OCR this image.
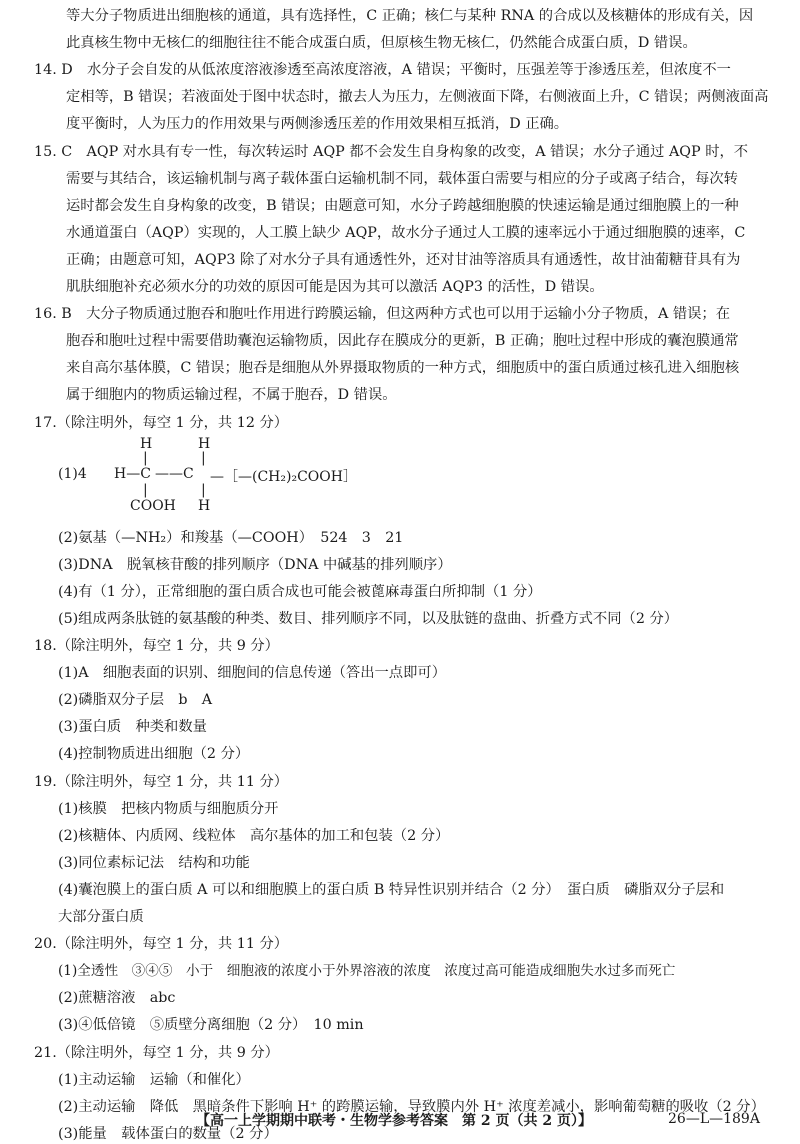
等大分子物质进出细胞核的通道，具有选择性，C 正确；核仁与某种 RNA 的合成以及核糖体的形成有关，因
此真核生物中无核仁的细胞往往不能合成蛋白质，但原核生物无核仁，仍然能合成蛋白质，D 错误。
14. D　水分子会自发的从低浓度溶液渗透至高浓度溶液，A 错误；平衡时，压强差等于渗透压差，但浓度不一
定相等，B 错误；若液面处于图中状态时，撤去人为压力，左侧液面下降，右侧液面上升，C 错误；两侧液面高
度平衡时，人为压力的作用效果与两侧渗透压差的作用效果相互抵消，D 正确。
15. C　AQP 对水具有专一性，每次转运时 AQP 都不会发生自身构象的改变，A 错误；水分子通过 AQP 时，不
需要与其结合，该运输机制与离子载体蛋白运输机制不同，载体蛋白需要与相应的分子或离子结合，每次转
运时都会发生自身构象的改变，B 错误；由题意可知，水分子跨越细胞膜的快速运输是通过细胞膜上的一种
水通道蛋白（AQP）实现的，人工膜上缺少 AQP，故水分子通过人工膜的速率远小于通过细胞膜的速率，C
正确；由题意可知，AQP3 除了对水分子具有通透性外，还对甘油等溶质具有通透性，故甘油葡糖苷具有为
肌肤细胞补充必须水分的功效的原因可能是因为其可以激活 AQP3 的活性，D 错误。
16. B　大分子物质通过胞吞和胞吐作用进行跨膜运输，但这两种方式也可以用于运输小分子物质，A 错误；在
胞吞和胞吐过程中需要借助囊泡运输物质，因此存在膜成分的更新，B 正确；胞吐过程中形成的囊泡膜通常
来自高尔基体膜，C 错误；胞吞是细胞从外界摄取物质的一种方式，细胞质中的蛋白质通过核孔进入细胞核
属于细胞内的物质运输过程，不属于胞吞，D 错误。
17.（除注明外，每空 1 分，共 12 分）
H	H
|	|
(1)4 H—C ——C —［—(CH₂)₂COOH］
|	|
COOH H
(2)氨基（—NH₂）和羧基（—COOH）　524　3　21
(3)DNA　脱氧核苷酸的排列顺序（DNA 中碱基的排列顺序）
(4)有（1 分），正常细胞的蛋白质合成也可能会被蓖麻毒蛋白所抑制（1 分）
(5)组成两条肽链的氨基酸的种类、数目、排列顺序不同，以及肽链的盘曲、折叠方式不同（2 分）
18.（除注明外，每空 1 分，共 9 分）
(1)A　细胞表面的识别、细胞间的信息传递（答出一点即可）
(2)磷脂双分子层　b　A
(3)蛋白质　种类和数量
(4)控制物质进出细胞（2 分）
19.（除注明外，每空 1 分，共 11 分）
(1)核膜　把核内物质与细胞质分开
(2)核糖体、内质网、线粒体　高尔基体的加工和包装（2 分）
(3)同位素标记法　结构和功能
(4)囊泡膜上的蛋白质 A 可以和细胞膜上的蛋白质 B 特异性识别并结合（2 分）　蛋白质　磷脂双分子层和
大部分蛋白质
20.（除注明外，每空 1 分，共 11 分）
(1)全透性　③④⑤　小于　细胞液的浓度小于外界溶液的浓度　浓度过高可能造成细胞失水过多而死亡
(2)蔗糖溶液　abc
(3)④低倍镜　⑤质壁分离细胞（2 分）　10 min
21.（除注明外，每空 1 分，共 9 分）
(1)主动运输　运输（和催化）
(2)主动运输　降低　黑暗条件下影响 H⁺ 的跨膜运输，导致膜内外 H⁺ 浓度差减小，影响葡萄糖的吸收（2 分）
(3)能量　载体蛋白的数量（2 分）
【高一上学期期中联考・生物学参考答案　第 2 页（共 2 页）】	26—L—189A
